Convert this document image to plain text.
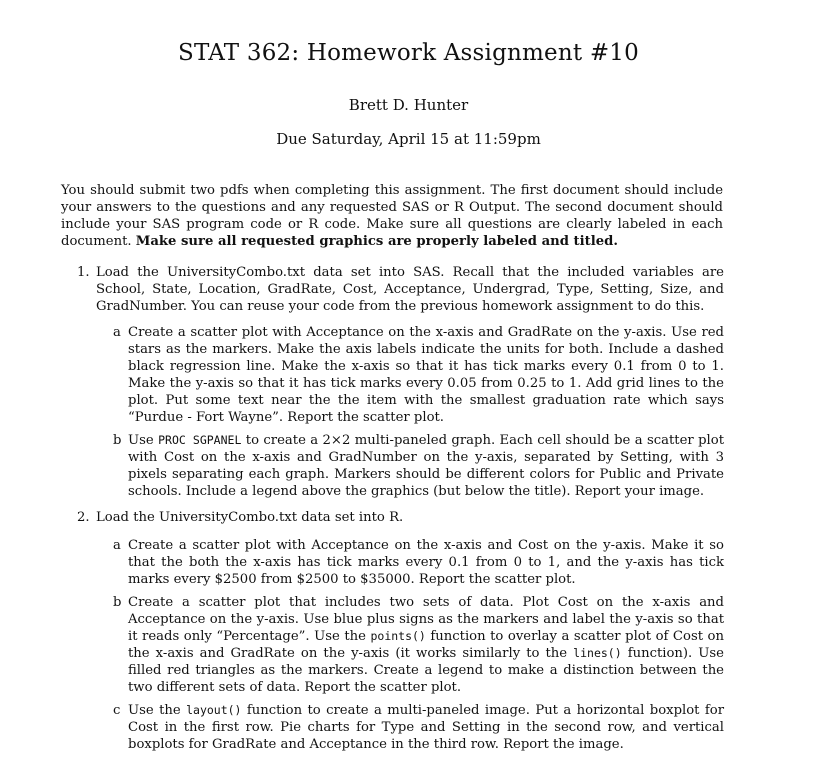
STAT 362: Homework Assignment #10
Brett D. Hunter
Due Saturday, April 15 at 11:59pm
You should submit two pdfs when completing this assignment. The first document should include your answers to the questions and any requested SAS or R Output. The second document should include your SAS program code or R code. Make sure all questions are clearly labeled in each document. Make sure all requested graphics are properly labeled and titled.
1. Load the UniversityCombo.txt data set into SAS. Recall that the included variables are School, State, Location, GradRate, Cost, Acceptance, Undergrad, Type, Setting, Size, and GradNumber. You can reuse your code from the previous homework assignment to do this.
a Create a scatter plot with Acceptance on the x-axis and GradRate on the y-axis. Use red stars as the markers. Make the axis labels indicate the units for both. Include a dashed black regression line. Make the x-axis so that it has tick marks every 0.1 from 0 to 1. Make the y-axis so that it has tick marks every 0.05 from 0.25 to 1. Add grid lines to the plot. Put some text near the the item with the smallest graduation rate which says “Purdue - Fort Wayne”. Report the scatter plot.
b Use PROC SGPANEL to create a 2×2 multi-paneled graph. Each cell should be a scatter plot with Cost on the x-axis and GradNumber on the y-axis, separated by Setting, with 3 pixels separating each graph. Markers should be different colors for Public and Private schools. Include a legend above the graphics (but below the title). Report your image.
2. Load the UniversityCombo.txt data set into R.
a Create a scatter plot with Acceptance on the x-axis and Cost on the y-axis. Make it so that the both the x-axis has tick marks every 0.1 from 0 to 1, and the y-axis has tick marks every $2500 from $2500 to $35000. Report the scatter plot.
b Create a scatter plot that includes two sets of data. Plot Cost on the x-axis and Acceptance on the y-axis. Use blue plus signs as the markers and label the y-axis so that it reads only “Percentage”. Use the points() function to overlay a scatter plot of Cost on the x-axis and GradRate on the y-axis (it works similarly to the lines() function). Use filled red triangles as the markers. Create a legend to make a distinction between the two different sets of data. Report the scatter plot.
c Use the layout() function to create a multi-paneled image. Put a horizontal boxplot for Cost in the first row. Pie charts for Type and Setting in the second row, and vertical boxplots for GradRate and Acceptance in the third row. Report the image.
